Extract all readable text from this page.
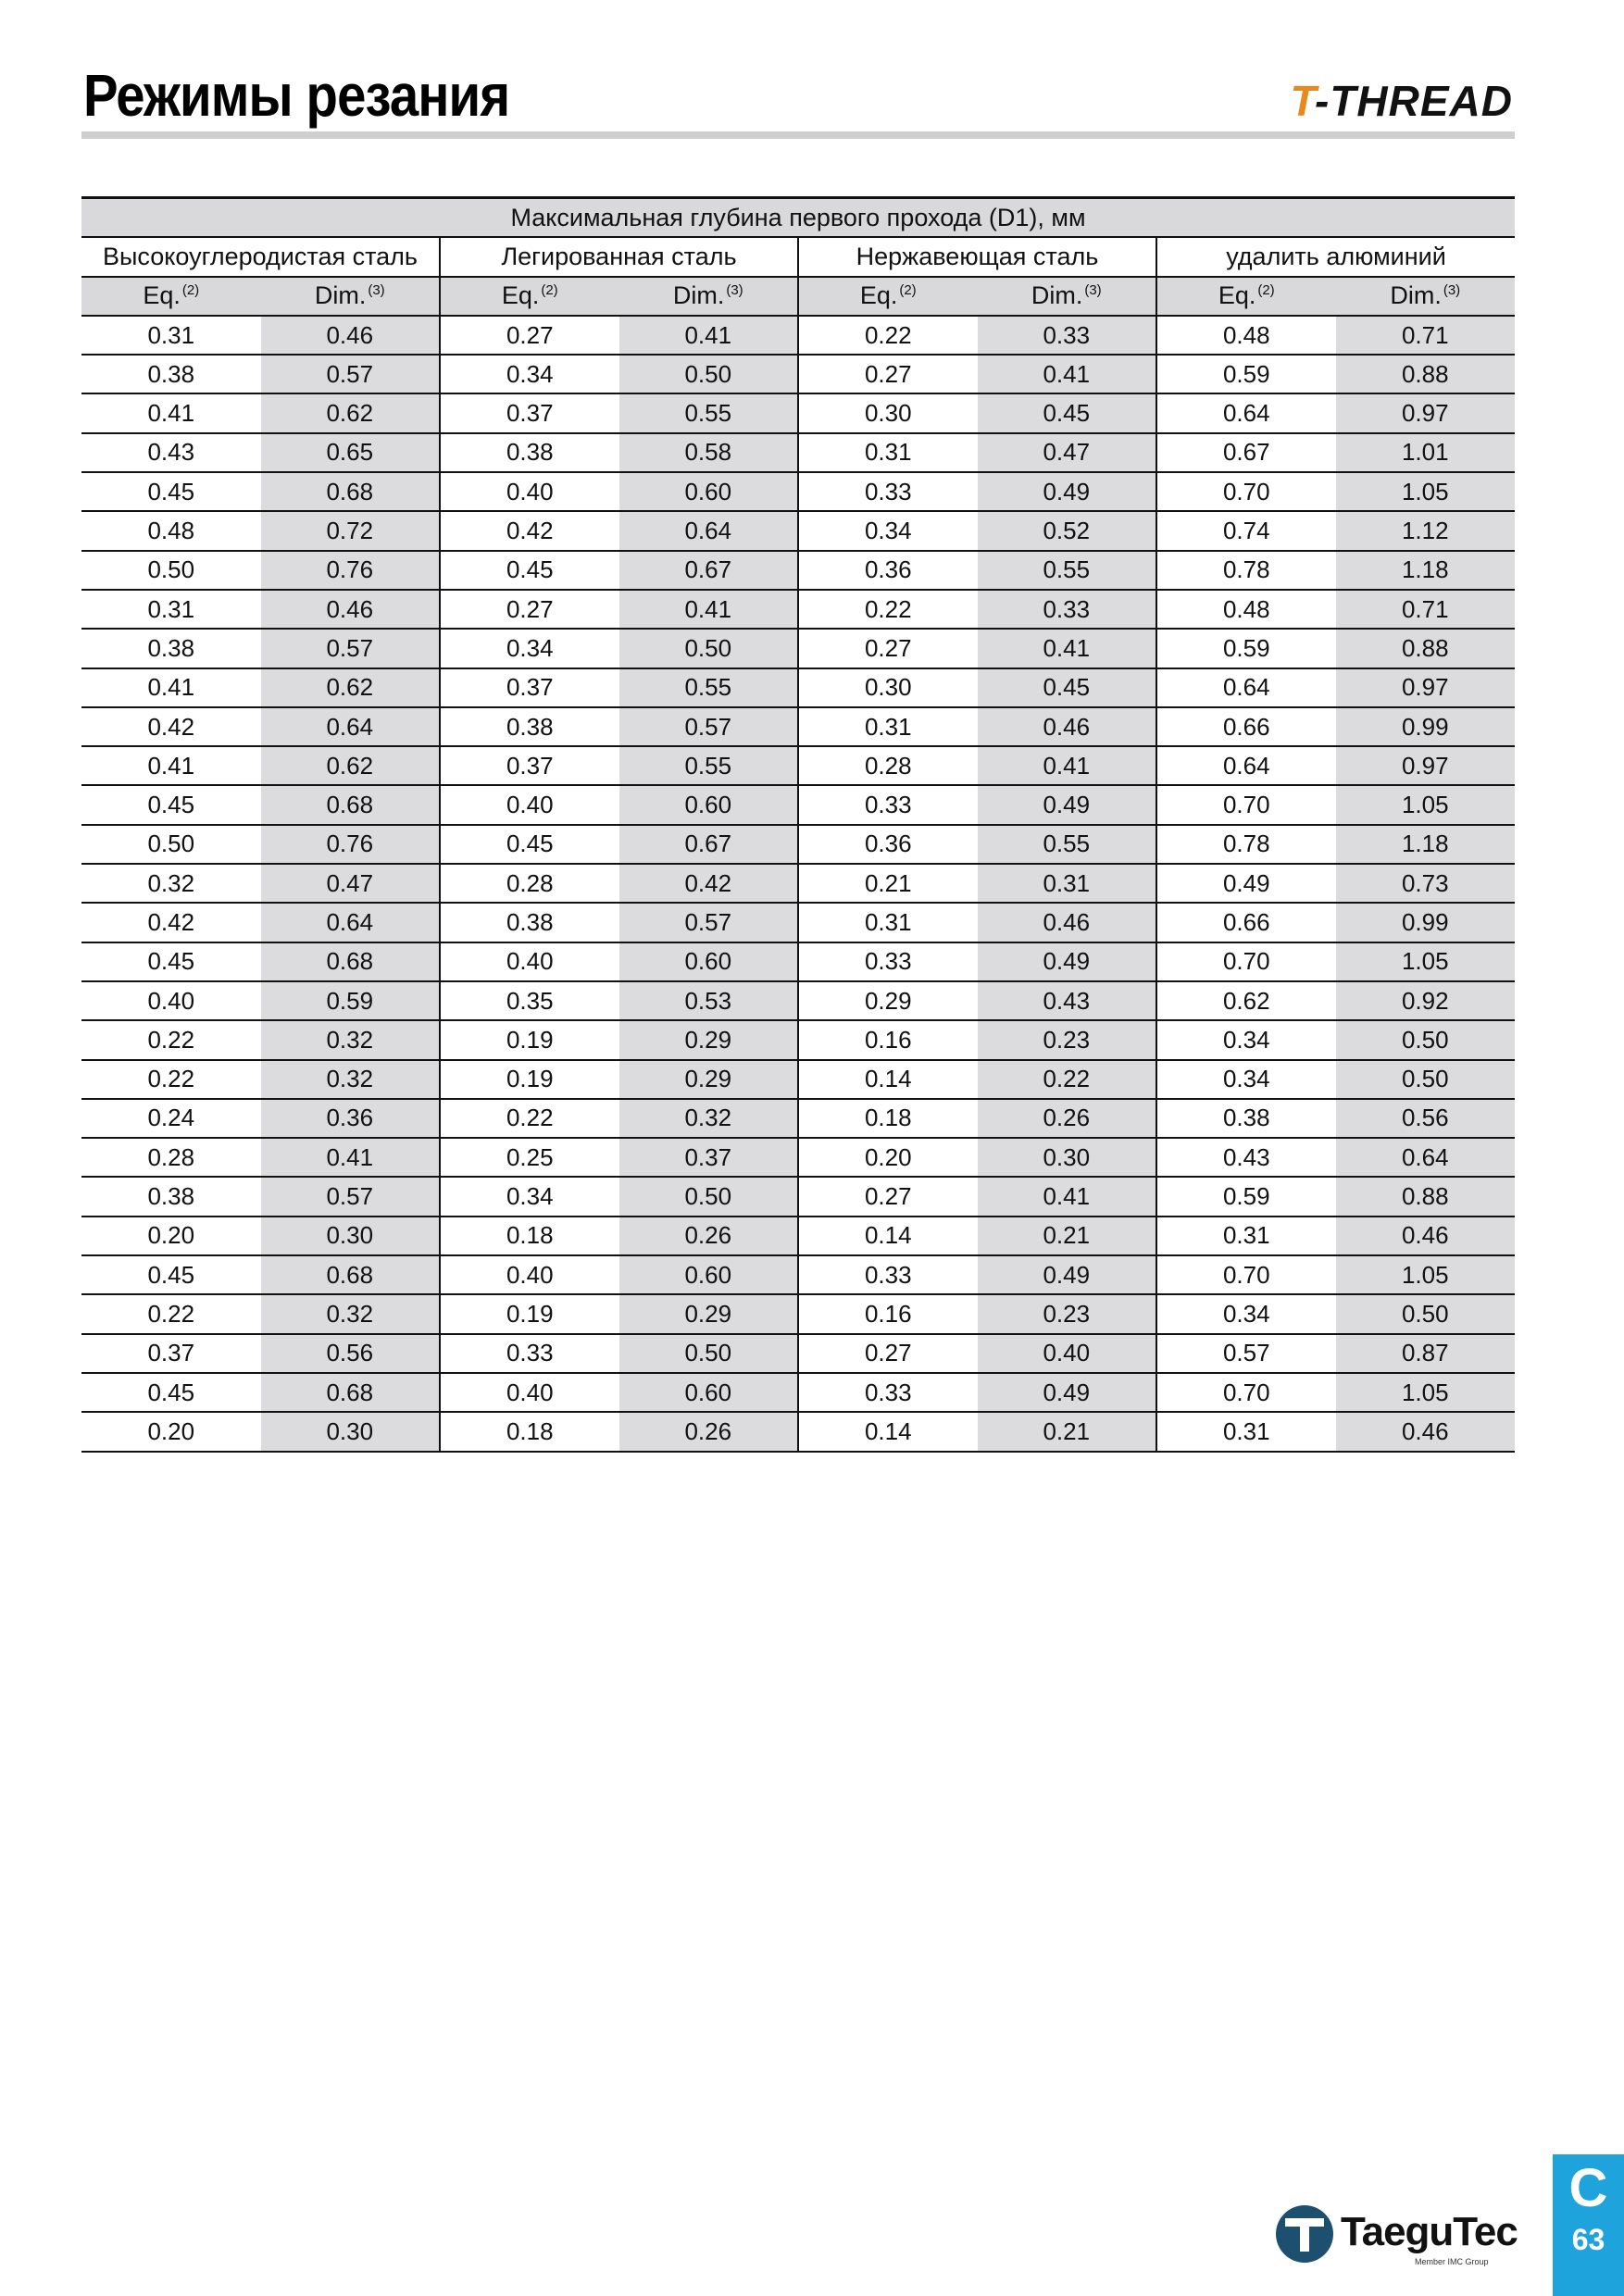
Режимы резания	T-THREAD
Максимальная глубина первого прохода (D1), мм							
Высокоуглеродистая сталь		Легированная сталь		Нержавеющая сталь		удалить алюминий	
Eq. $^{(2)}$	Dim. $^{(3)}$	Eq. $^{(2)}$	Dim. $^{(3)}$	Eq. $^{(2)}$	Dim. $^{(3)}$	Eq. $^{(2)}$	Dim. $^{(3)}$
0.31	0.46	0.27	0.41	0.22	0.33	0.48	0.71
0.38	0.57	0.34	0.50	0.27	0.41	0.59	0.88
0.41	0.62	0.37	0.55	0.30	0.45	0.64	0.97
0.43	0.65	0.38	0.58	0.31	0.47	0.67	1.01
0.45	0.68	0.40	0.60	0.33	0.49	0.70	1.05
0.48	0.72	0.42	0.64	0.34	0.52	0.74	1.12
0.50	0.76	0.45	0.67	0.36	0.55	0.78	1.18
0.31	0.46	0.27	0.41	0.22	0.33	0.48	0.71
0.38	0.57	0.34	0.50	0.27	0.41	0.59	0.88
0.41	0.62	0.37	0.55	0.30	0.45	0.64	0.97
0.42	0.64	0.38	0.57	0.31	0.46	0.66	0.99
0.41	0.62	0.37	0.55	0.28	0.41	0.64	0.97
0.45	0.68	0.40	0.60	0.33	0.49	0.70	1.05
0.50	0.76	0.45	0.67	0.36	0.55	0.78	1.18
0.32	0.47	0.28	0.42	0.21	0.31	0.49	0.73
0.42	0.64	0.38	0.57	0.31	0.46	0.66	0.99
0.45	0.68	0.40	0.60	0.33	0.49	0.70	1.05
0.40	0.59	0.35	0.53	0.29	0.43	0.62	0.92
0.22	0.32	0.19	0.29	0.16	0.23	0.34	0.50
0.22	0.32	0.19	0.29	0.14	0.22	0.34	0.50
0.24	0.36	0.22	0.32	0.18	0.26	0.38	0.56
0.28	0.41	0.25	0.37	0.20	0.30	0.43	0.64
0.38	0.57	0.34	0.50	0.27	0.41	0.59	0.88
0.20	0.30	0.18	0.26	0.14	0.21	0.31	0.46
0.45	0.68	0.40	0.60	0.33	0.49	0.70	1.05
0.22	0.32	0.19	0.29	0.16	0.23	0.34	0.50
0.37	0.56	0.33	0.50	0.27	0.40	0.57	0.87
0.45	0.68	0.40	0.60	0.33	0.49	0.70	1.05
0.20	0.30	0.18	0.26	0.14	0.21	0.31	0.46
TaeguTec
Member IMC Group
C
63
